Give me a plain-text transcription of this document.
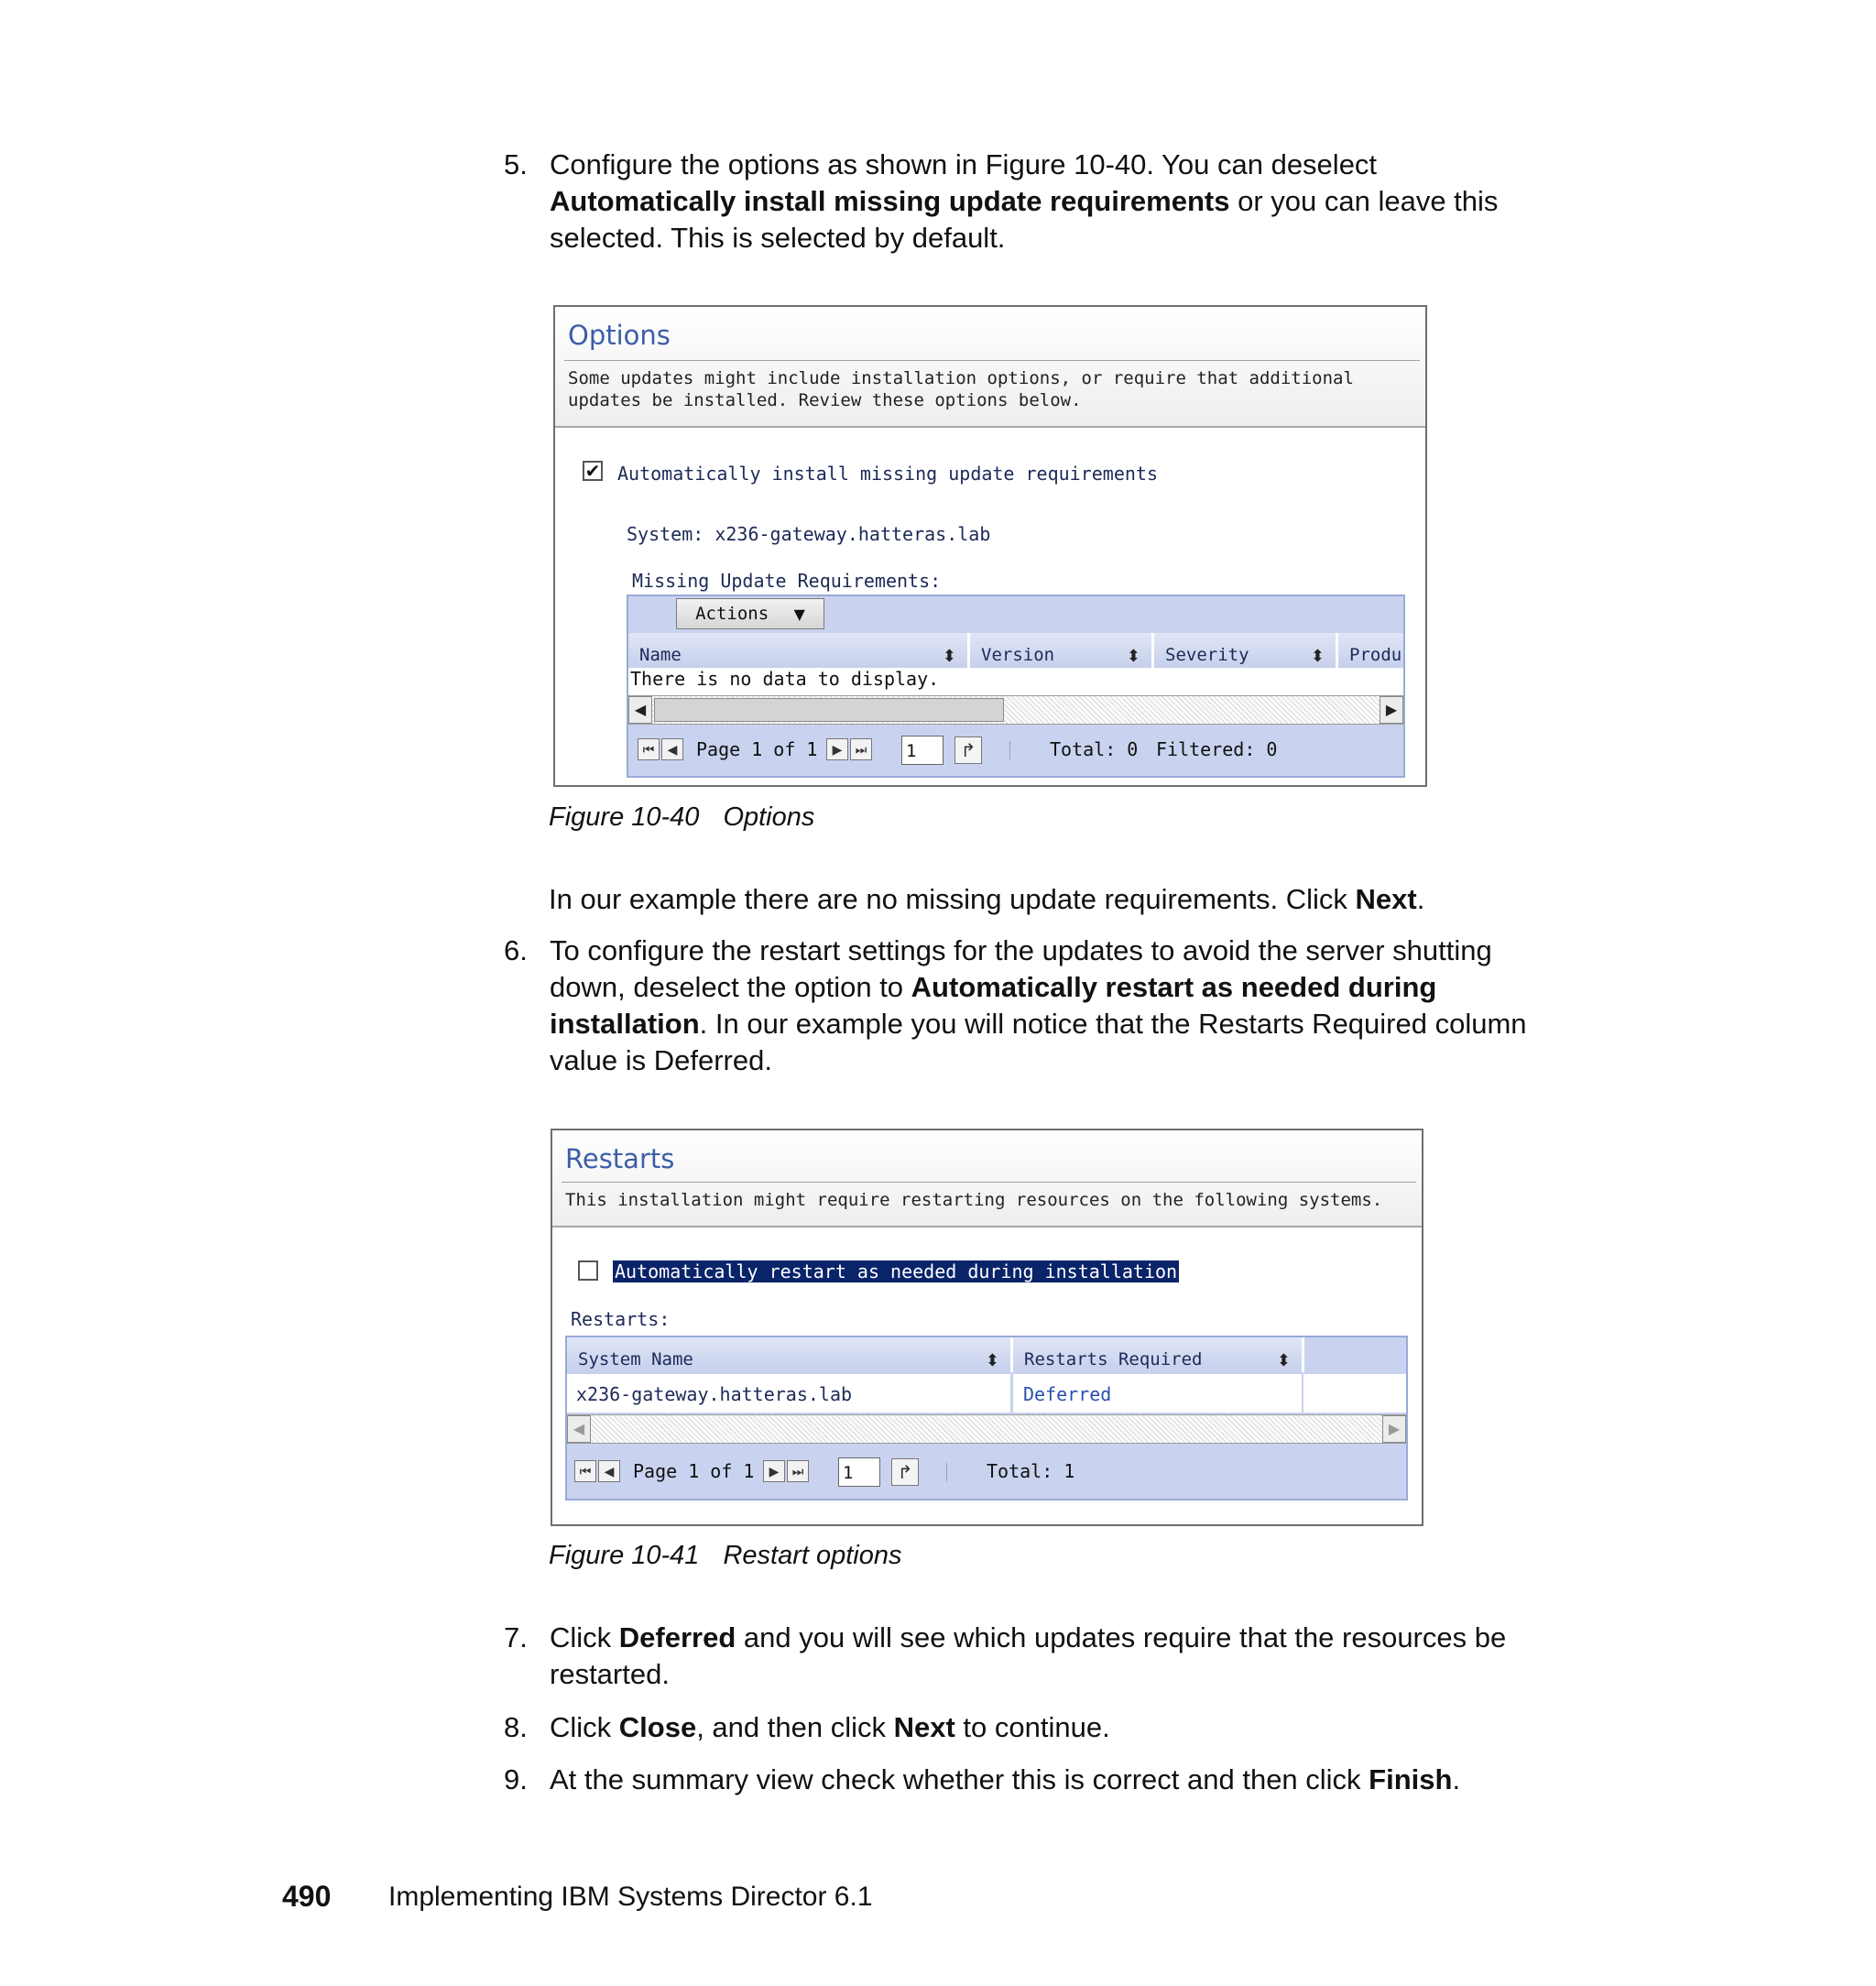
5. Configure the options as shown in Figure 10-40. You can deselect
Automatically install missing update requirements or you can leave this
selected. This is selected by default.
Options
Some updates might include installation options, or require that additional
updates be installed. Review these options below.
✔ Automatically install missing update requirements
System: x236-gateway.hatteras.lab
Missing Update Requirements:
Actions ▼
Name	⬍ Version	⬍ Severity	⬍ Produ
There is no data to display.
◀	▶
⏮	◀	Page 1 of 1	▶	⏭	1	↱	Total: 0 Filtered: 0
Figure 10-40 Options
In our example there are no missing update requirements. Click Next.
6. To configure the restart settings for the updates to avoid the server shutting
down, deselect the option to Automatically restart as needed during
installation. In our example you will notice that the Restarts Required column
value is Deferred.
Restarts
This installation might require restarting resources on the following systems.
Automatically restart as needed during installation
Restarts:
System Name	⬍ Restarts Required	⬍
x236-gateway.hatteras.lab	Deferred
◀	▶
⏮	◀	Page 1 of 1	▶	⏭	1	↱	Total: 1
Figure 10-41 Restart options
7. Click Deferred and you will see which updates require that the resources be
restarted.
8. Click Close, and then click Next to continue.
9. At the summary view check whether this is correct and then click Finish.
490 Implementing IBM Systems Director 6.1
